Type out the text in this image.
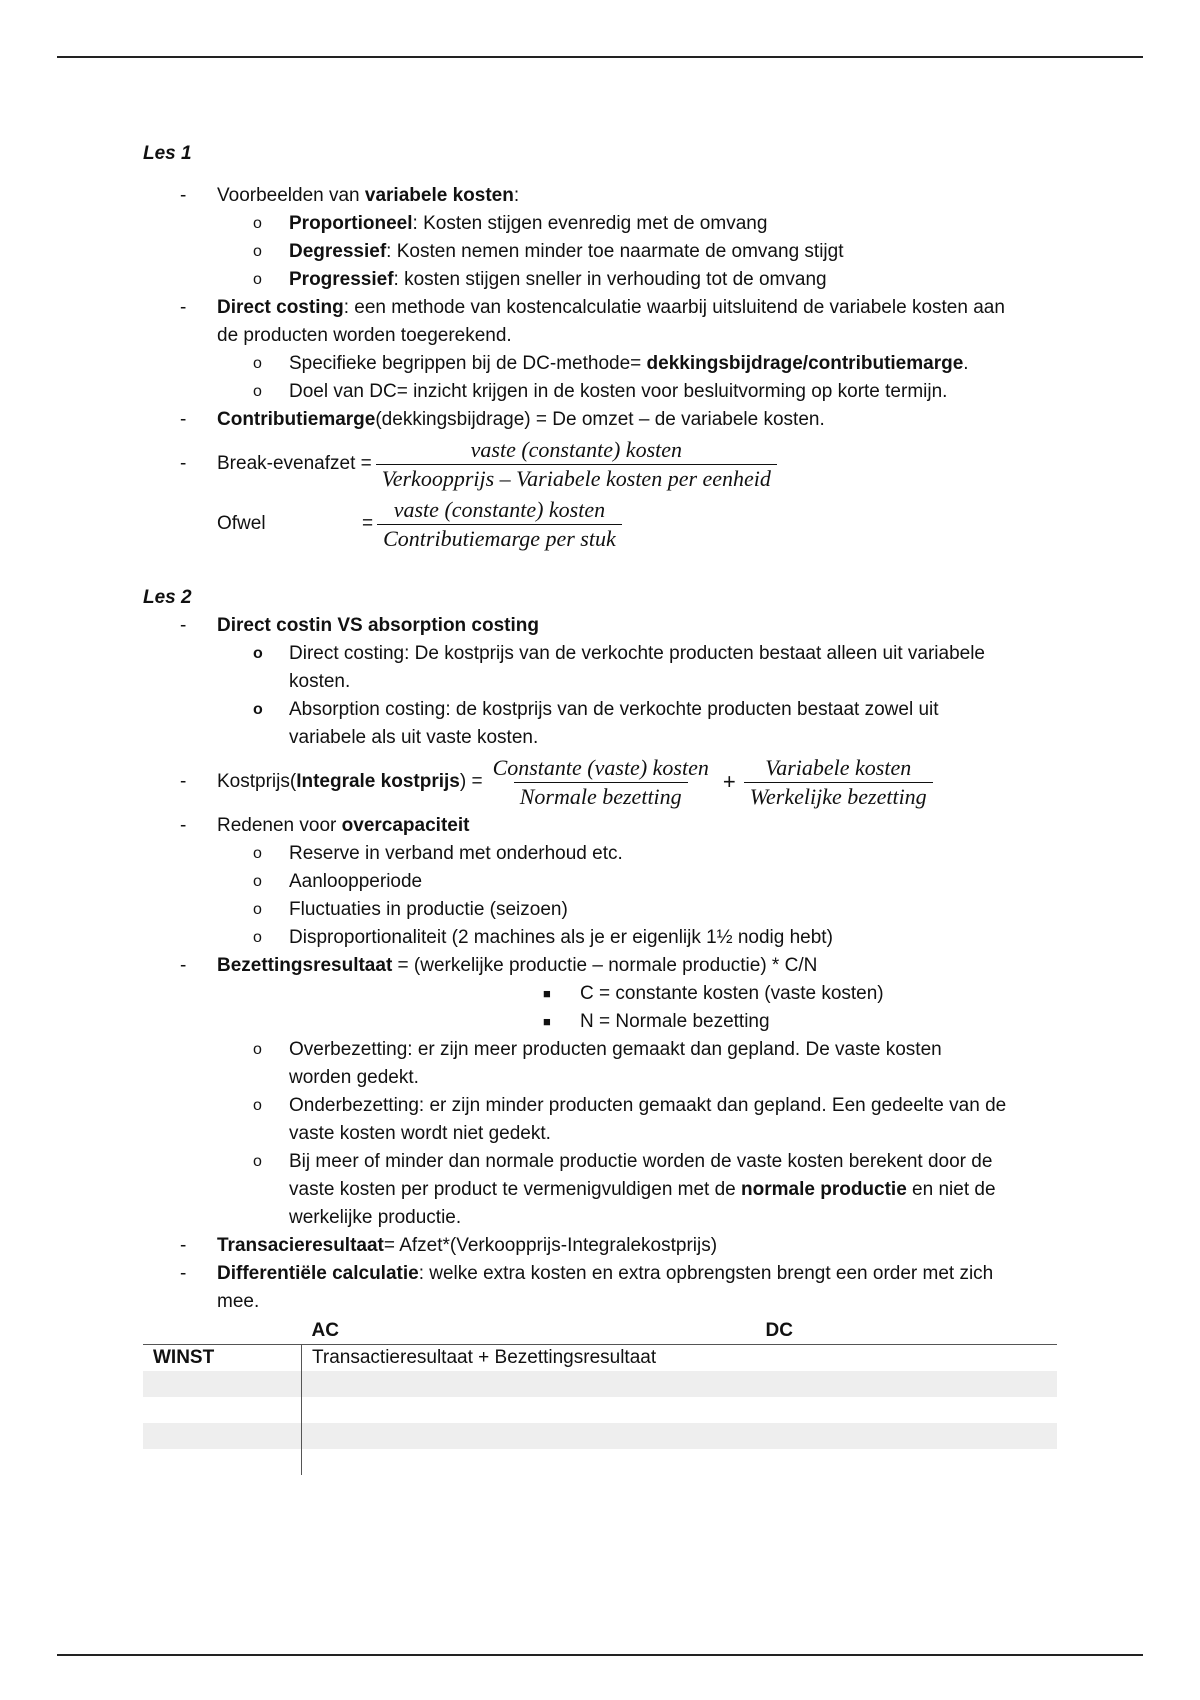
Les 1
- Voorbeelden van variabele kosten:
o Proportioneel: Kosten stijgen evenredig met de omvang
o Degressief: Kosten nemen minder toe naarmate de omvang stijgt
o Progressief: kosten stijgen sneller in verhouding tot de omvang
- Direct costing: een methode van kostencalculatie waarbij uitsluitend de variabele kosten aan
de producten worden toegerekend.
o Specifieke begrippen bij de DC-methode= dekkingsbijdrage/contributiemarge.
o Doel van DC= inzicht krijgen in de kosten voor besluitvorming op korte termijn.
- Contributiemarge(dekkingsbijdrage) = De omzet – de variabele kosten.
- Break-evenafzet = $\frac{\text{vaste (constante) kosten}}{\text{Verkoopprijs – Variabele kosten per eenheid}}$
Ofwel	= $\frac{\text{vaste (constante) kosten}}{\text{Contributiemarge per stuk}}$
Les 2
- Direct costin VS absorption costing
o Direct costing: De kostprijs van de verkochte producten bestaat alleen uit variabele
kosten.
o Absorption costing: de kostprijs van de verkochte producten bestaat zowel uit
variabele als uit vaste kosten.
- Kostprijs(Integrale kostprijs) = $\frac{\text{Constante (vaste) kosten}}{\text{Normale bezetting}} + \frac{\text{Variabele kosten}}{\text{Werkelijke bezetting}}$
- Redenen voor overcapaciteit
o Reserve in verband met onderhoud etc.
o Aanloopperiode
o Fluctuaties in productie (seizoen)
o Disproportionaliteit (2 machines als je er eigenlijk 1½ nodig hebt)
- Bezettingsresultaat = (werkelijke productie – normale productie) * C/N
■ C = constante kosten (vaste kosten)
■ N = Normale bezetting
o Overbezetting: er zijn meer producten gemaakt dan gepland. De vaste kosten
worden gedekt.
o Onderbezetting: er zijn minder producten gemaakt dan gepland. Een gedeelte van de
vaste kosten wordt niet gedekt.
o Bij meer of minder dan normale productie worden de vaste kosten berekent door de
vaste kosten per product te vermenigvuldigen met de normale productie en niet de
werkelijke productie.
- Transacieresultaat= Afzet*(Verkoopprijs-Integralekostprijs)
- Differentiële calculatie: welke extra kosten en extra opbrengsten brengt een order met zich
mee.
	AC	DC
WINST	Transactieresultaat + Bezettingsresultaat	
